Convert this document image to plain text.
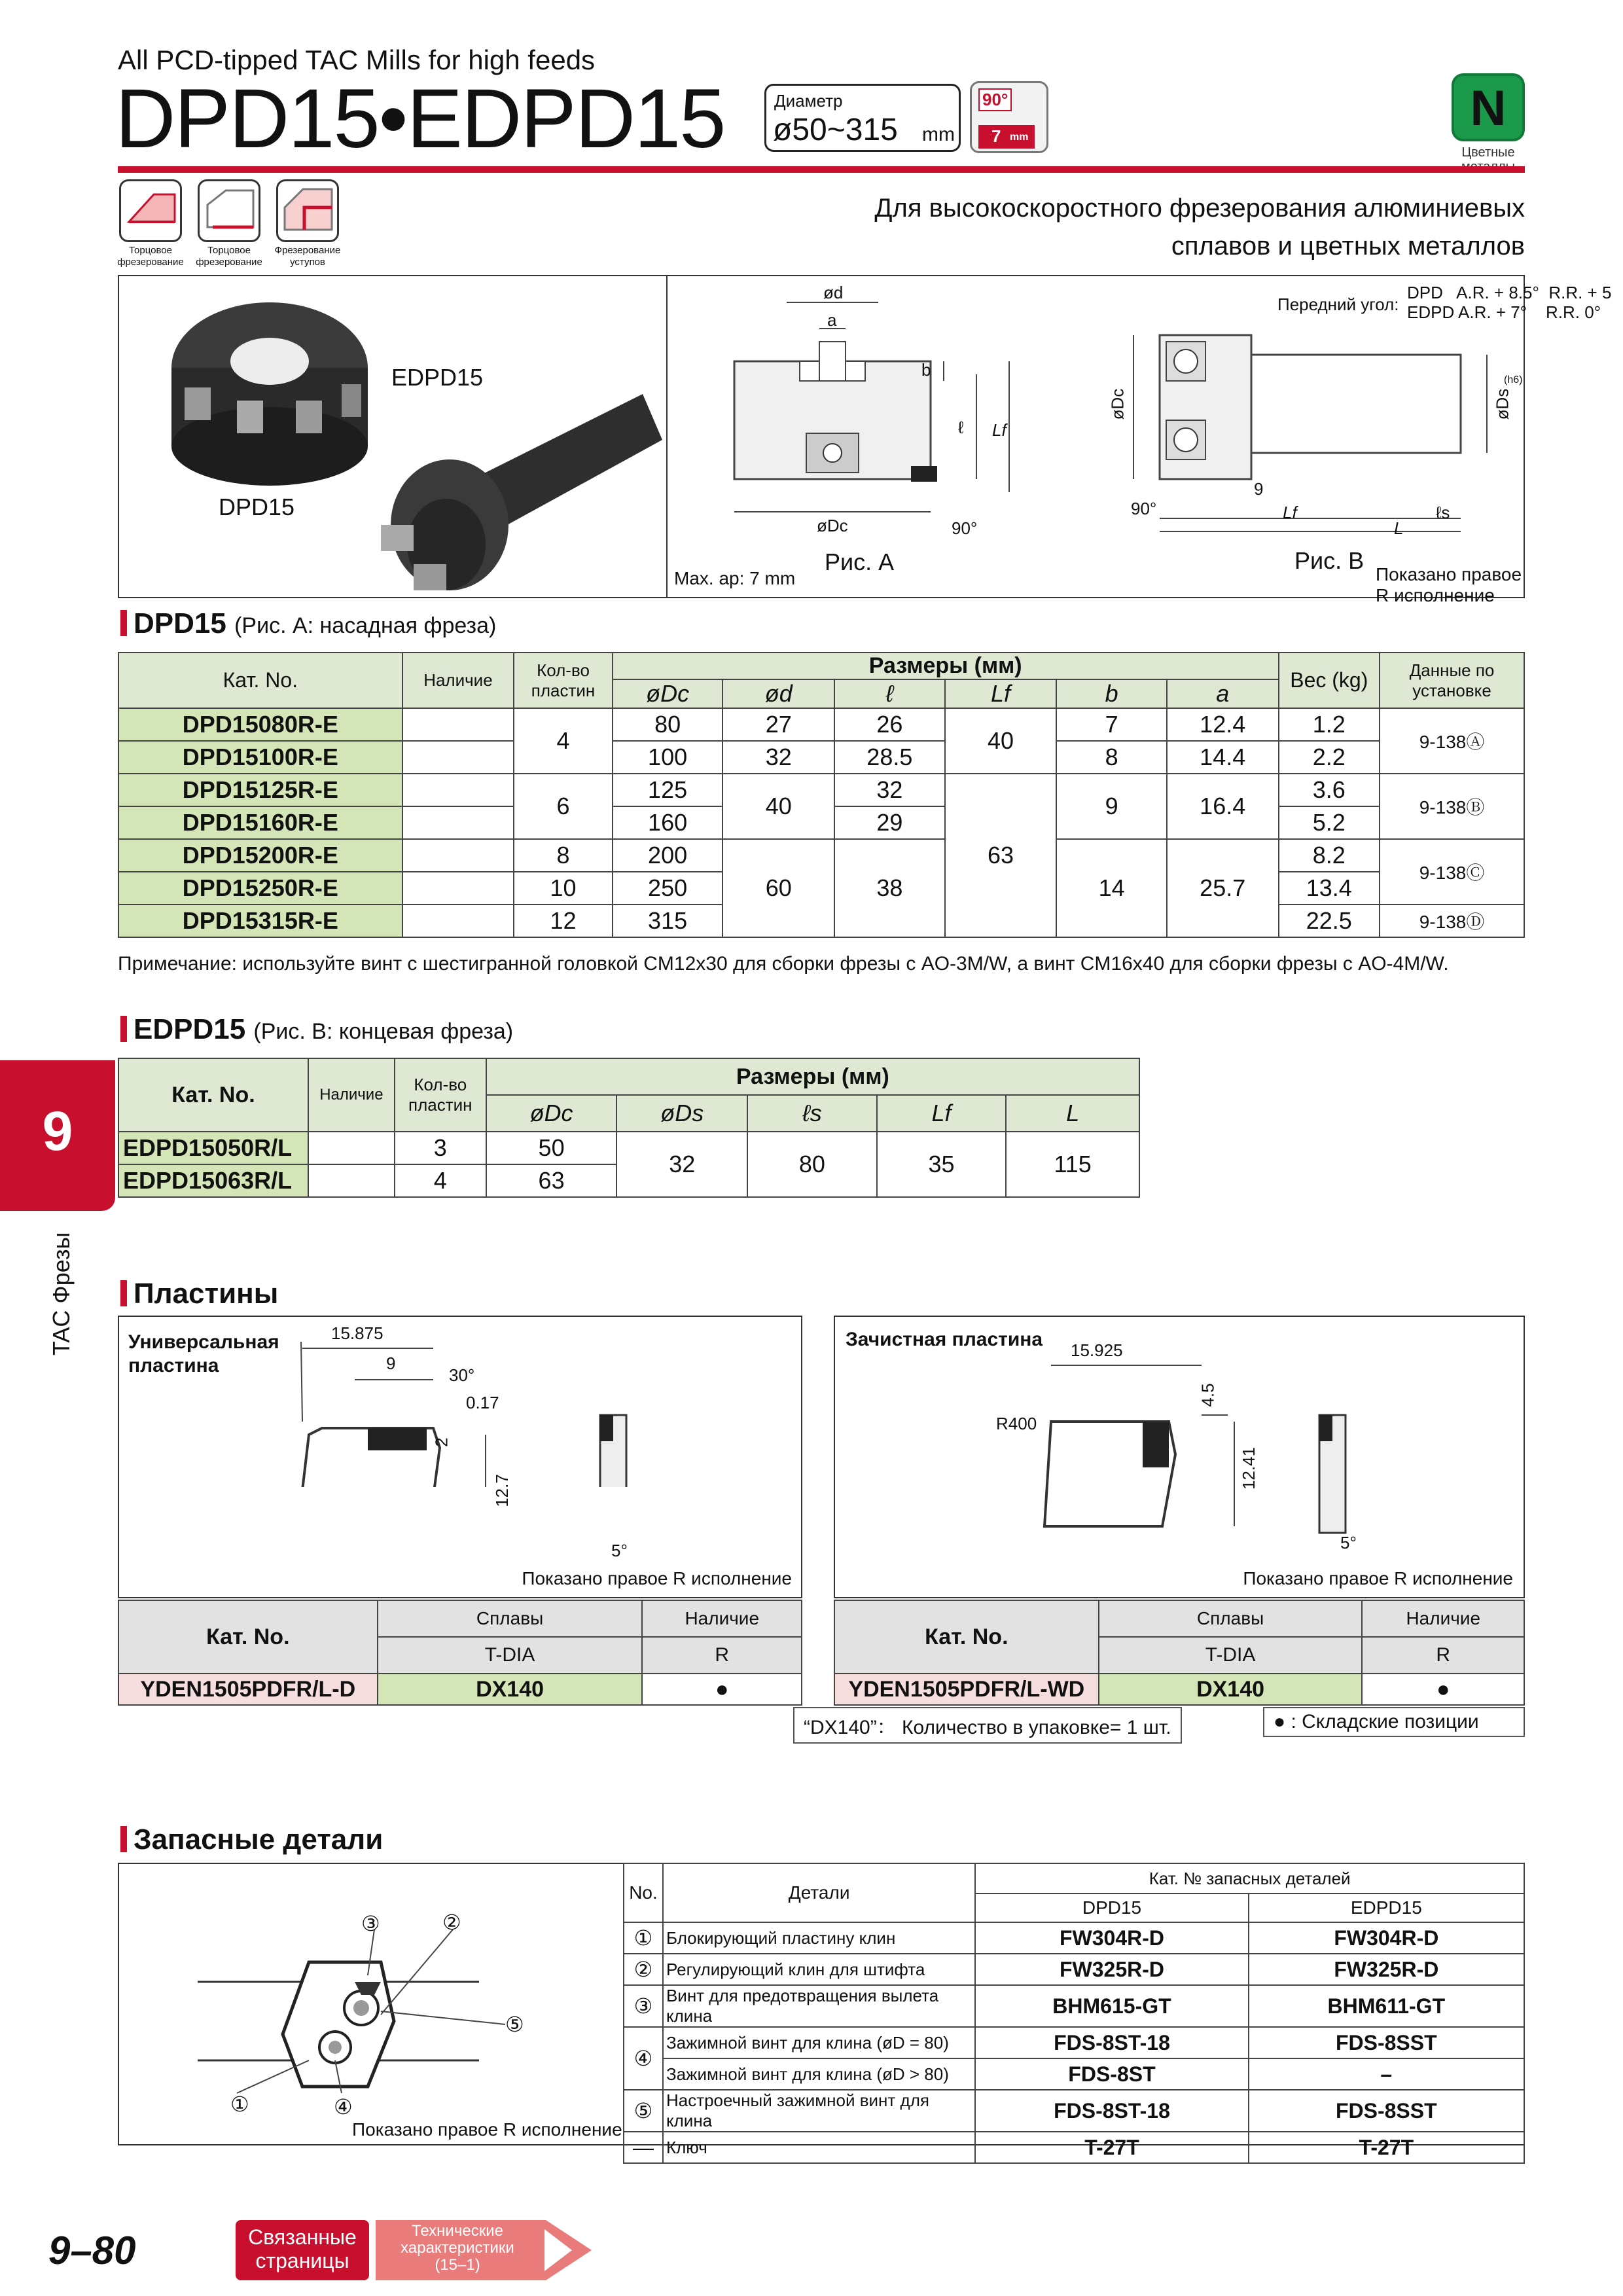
All PCD-tipped TAC Mills for high feeds
DPD15•EDPD15	Диаметр
ø50~315 mm
90°
7 mm
N
Цветные
Торцовое фрезерование
Торцовое фрезерование
Фрезерование уступов
Для высокоскоростного фрезерования алюминиевых
сплавов и цветных металлов
EDPD15
DPD15
ød
a
b
ℓ Lf
øDc	90°
Рис. A
Max. ap: 7 mm
Передний угол:
DPD   A.R. + 8.5°  R.R. + 5
EDPD A.R. + 7°    R.R. 0°
øDc	øDs
(h6)
9
90°	Lf	ℓs
L
Рис. B
Показано правое R исполнение
DPD15 (Рис. A: насадная фреза)
Кат. No.	Наличие	Кол-во пластин	Размеры (мм)						Вес (kg)	Данные по установке
			øDc	ød	ℓ	Lf	b	a		
DPD15080R-E		4	80	27	26	40	7	12.4	1.2	9-138Ⓐ
DPD15100R-E			100	32	28.5		8	14.4	2.2	
DPD15125R-E		6	125	40	32	63	9	16.4	3.6	9-138Ⓑ
DPD15160R-E			160		29				5.2	
DPD15200R-E		8	200	60	38		14	25.7	8.2	9-138Ⓒ
DPD15250R-E		10	250						13.4	
DPD15315R-E		12	315						22.5	9-138Ⓓ
Примечание: используйте винт с шестигранной головкой CM12x30 для сборки фрезы с AO-3M/W, а винт CM16x40 для сборки фрезы с AO-4M/W.
EDPD15 (Рис. B: концевая фреза)
Кат. No.	Наличие	Кол-во пластин	Размеры (мм)				
			øDc	øDs	ℓs	Lf	L
EDPD15050R/L		3	50	32	80	35	115
EDPD15063R/L		4	63				
9
TAC Фрезы Пластины
Универсальная
пластина
15.875
9
30°
0.17
2
12.7
5°
Показано правое R исполнение
Кат. No.	Сплавы	Наличие
	T-DIA	R
YDEN1505PDFR/L-D	DX140	●
Зачистная пластина 15.925
R400
4.5
12.41
5°
Показано правое R исполнение
Кат. No.	Сплавы	Наличие
	T-DIA	R
YDEN1505PDFR/L-WD	DX140	●
“DX140”： Количество в упаковке= 1 шт.	● : Складские позиции
Запасные детали
③	②
⑤
①	④
Показано правое R исполнение
No.	Детали	Кат. № запасных деталей	
		DPD15	EDPD15
①	Блокирующий пластину клин	FW304R-D	FW304R-D
②	Регулирующий клин для штифта	FW325R-D	FW325R-D
③	Винт для предотвращения вылета клина	BHM615-GT	BHM611-GT
④	Зажимной винт для клина (øD = 80)	FDS-8ST-18	FDS-8SST
	Зажимной винт для клина (øD > 80)	FDS-8ST	–
⑤	Настроечный зажимной винт для клина	FDS-8ST-18	FDS-8SST
—	Ключ	T-27T	T-27T
9–80	Связанные
страницы
Технические
характеристики
(15–1)
